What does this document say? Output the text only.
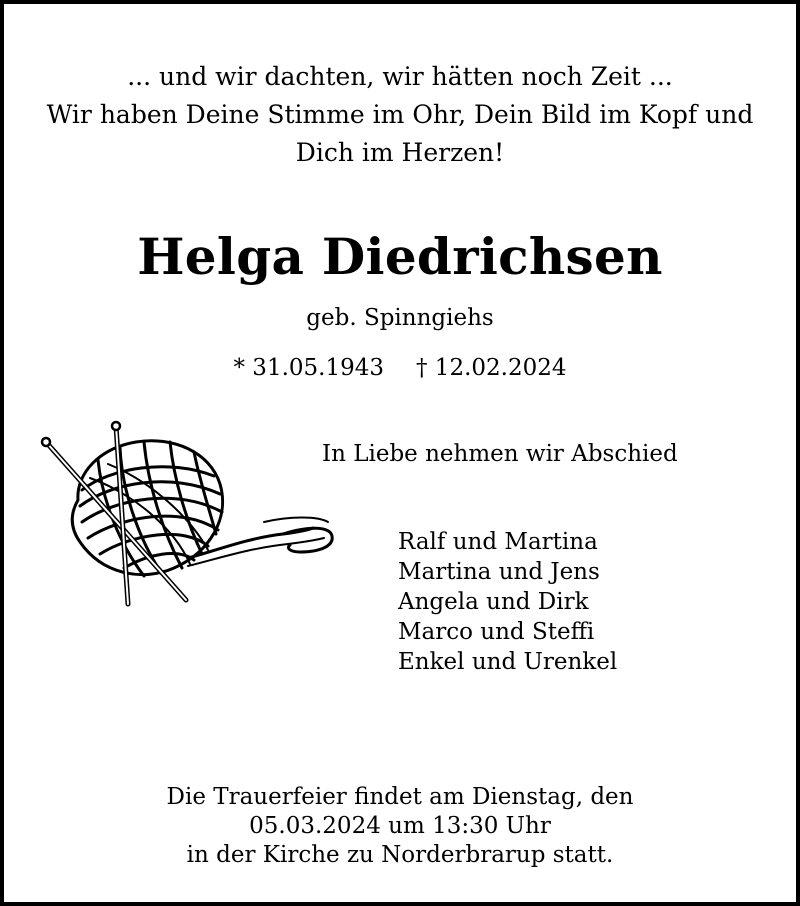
... und wir dachten, wir hätten noch Zeit ...
Wir haben Deine Stimme im Ohr, Dein Bild im Kopf und
Dich im Herzen!
Helga Diedrichsen
geb. Spinngiehs
* 31.05.1943 † 12.02.2024
In Liebe nehmen wir Abschied
Ralf und Martina
Martina und Jens
Angela und Dirk
Marco und Steffi
Enkel und Urenkel
Die Trauerfeier findet am Dienstag, den
05.03.2024 um 13:30 Uhr
in der Kirche zu Norderbrarup statt.
